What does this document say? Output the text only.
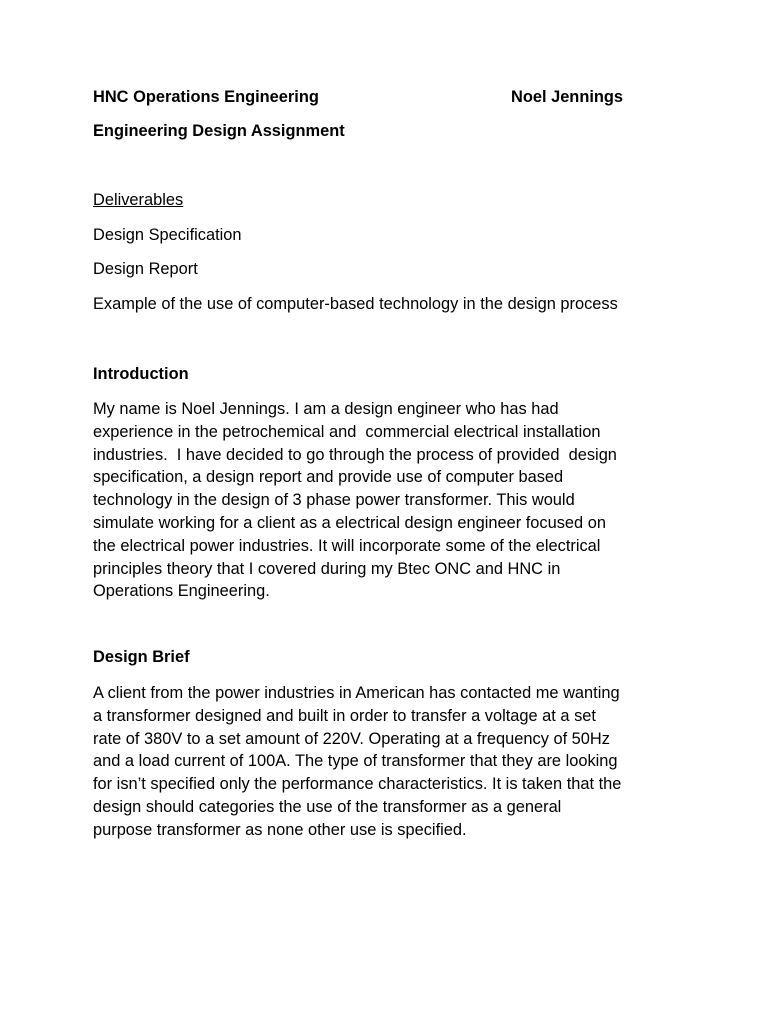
HNC Operations Engineering	Noel Jennings
Engineering Design Assignment
Deliverables
Design Specification
Design Report
Example of the use of computer-based technology in the design process
Introduction
My name is Noel Jennings. I am a design engineer who has had
experience in the petrochemical and  commercial electrical installation
industries.  I have decided to go through the process of provided  design
specification, a design report and provide use of computer based
technology in the design of 3 phase power transformer. This would
simulate working for a client as a electrical design engineer focused on
the electrical power industries. It will incorporate some of the electrical
principles theory that I covered during my Btec ONC and HNC in
Operations Engineering.
Design Brief
A client from the power industries in American has contacted me wanting
a transformer designed and built in order to transfer a voltage at a set
rate of 380V to a set amount of 220V. Operating at a frequency of 50Hz
and a load current of 100A. The type of transformer that they are looking
for isn’t specified only the performance characteristics. It is taken that the
design should categories the use of the transformer as a general
purpose transformer as none other use is specified.
